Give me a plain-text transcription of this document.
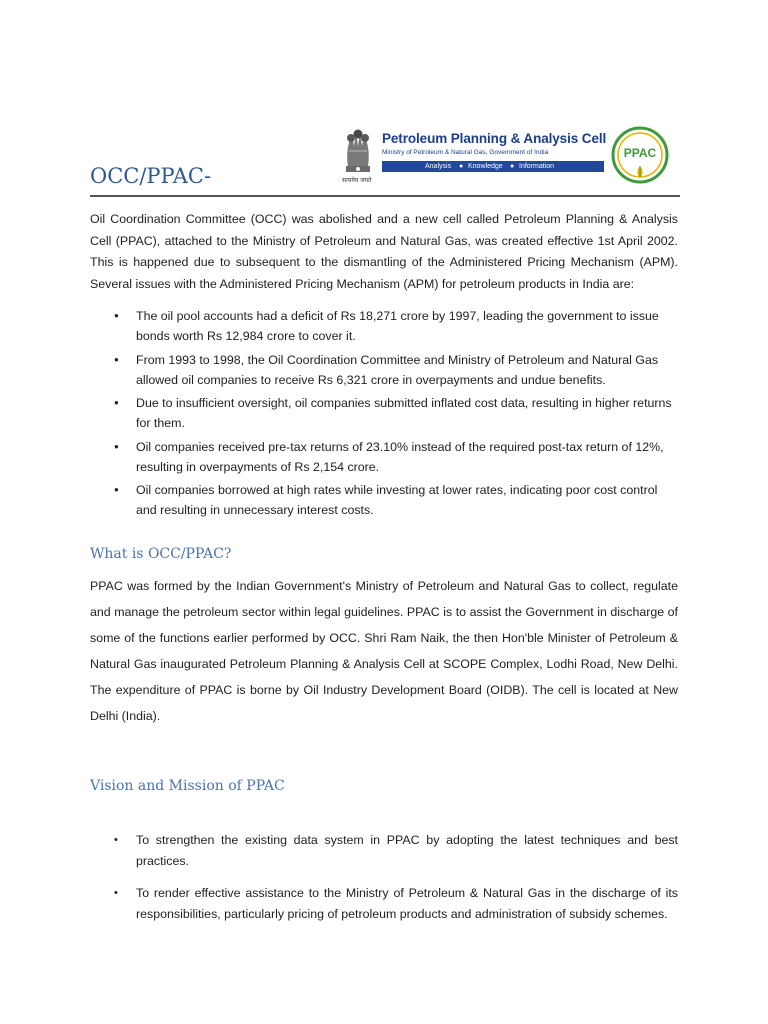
सत्यमेव जयते
Petroleum Planning & Analysis Cell
Ministry of Petroleum & Natural Gas, Government of India
Analysis ● Knowledge ● Information
PPAC
OCC/PPAC-

Oil Coordination Committee (OCC) was abolished and a new cell called Petroleum Planning & Analysis Cell (PPAC), attached to the Ministry of Petroleum and Natural Gas, was created effective 1st April 2002. This is happened due to subsequent to the dismantling of the Administered Pricing Mechanism (APM). Several issues with the Administered Pricing Mechanism (APM) for petroleum products in India are:

● The oil pool accounts had a deficit of Rs 18,271 crore by 1997, leading the government to issue bonds worth Rs 12,984 crore to cover it.
● From 1993 to 1998, the Oil Coordination Committee and Ministry of Petroleum and Natural Gas allowed oil companies to receive Rs 6,321 crore in overpayments and undue benefits.
● Due to insufficient oversight, oil companies submitted inflated cost data, resulting in higher returns for them.
● Oil companies received pre-tax returns of 23.10% instead of the required post-tax return of 12%, resulting in overpayments of Rs 2,154 crore.
● Oil companies borrowed at high rates while investing at lower rates, indicating poor cost control and resulting in unnecessary interest costs.
What is OCC/PPAC?

PPAC was formed by the Indian Government's Ministry of Petroleum and Natural Gas to collect, regulate and manage the petroleum sector within legal guidelines. PPAC is to assist the Government in discharge of some of the functions earlier performed by OCC. Shri Ram Naik, the then Hon'ble Minister of Petroleum & Natural Gas inaugurated Petroleum Planning & Analysis Cell at SCOPE Complex, Lodhi Road, New Delhi. The expenditure of PPAC is borne by Oil Industry Development Board (OIDB). The cell is located at New Delhi (India).

Vision and Mission of PPAC
• To strengthen the existing data system in PPAC by adopting the latest techniques and best practices.
• To render effective assistance to the Ministry of Petroleum & Natural Gas in the discharge of its responsibilities, particularly pricing of petroleum products and administration of subsidy schemes.
